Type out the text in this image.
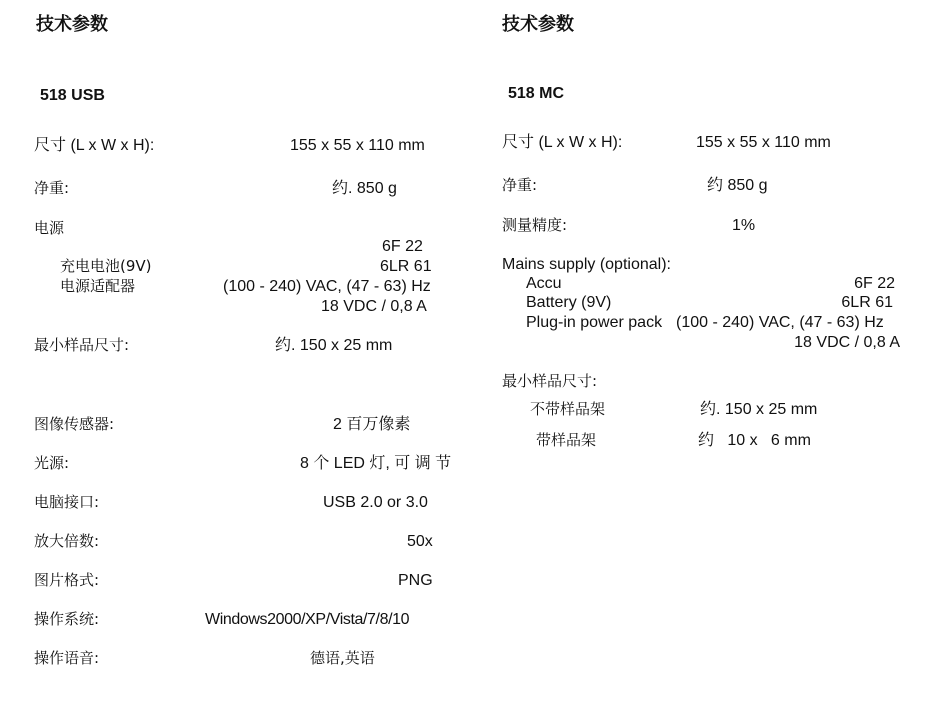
技术参数
518 USB
尺寸 (L x W x H):	155 x 55 x 110 mm
净重:	约. 850 g
电源
6F 22
充电电池(9V)	6LR 61
电源适配器	(100 - 240) VAC, (47 - 63) Hz
18 VDC / 0,8 A
最小样品尺寸:	约. 150 x 25 mm
图像传感器:	2 百万像素
光源:	8 个 LED 灯, 可 调 节
电脑接口:	USB 2.0 or 3.0
放大倍数:	50x
图片格式:	PNG
操作系统:	Windows2000/XP/Vista/7/8/10
操作语音:	德语,英语
技术参数
518 MC
尺寸 (L x W x H):	155 x 55 x 110 mm
净重:	约 850 g
测量精度:	1%
Mains supply (optional):
Accu	6F 22
Battery (9V)	6LR 61
Plug-in power pack (100 - 240) VAC, (47 - 63) Hz
18 VDC / 0,8 A
最小样品尺寸:
不带样品架	约. 150 x 25 mm
带样品架	约   10 x   6 mm
